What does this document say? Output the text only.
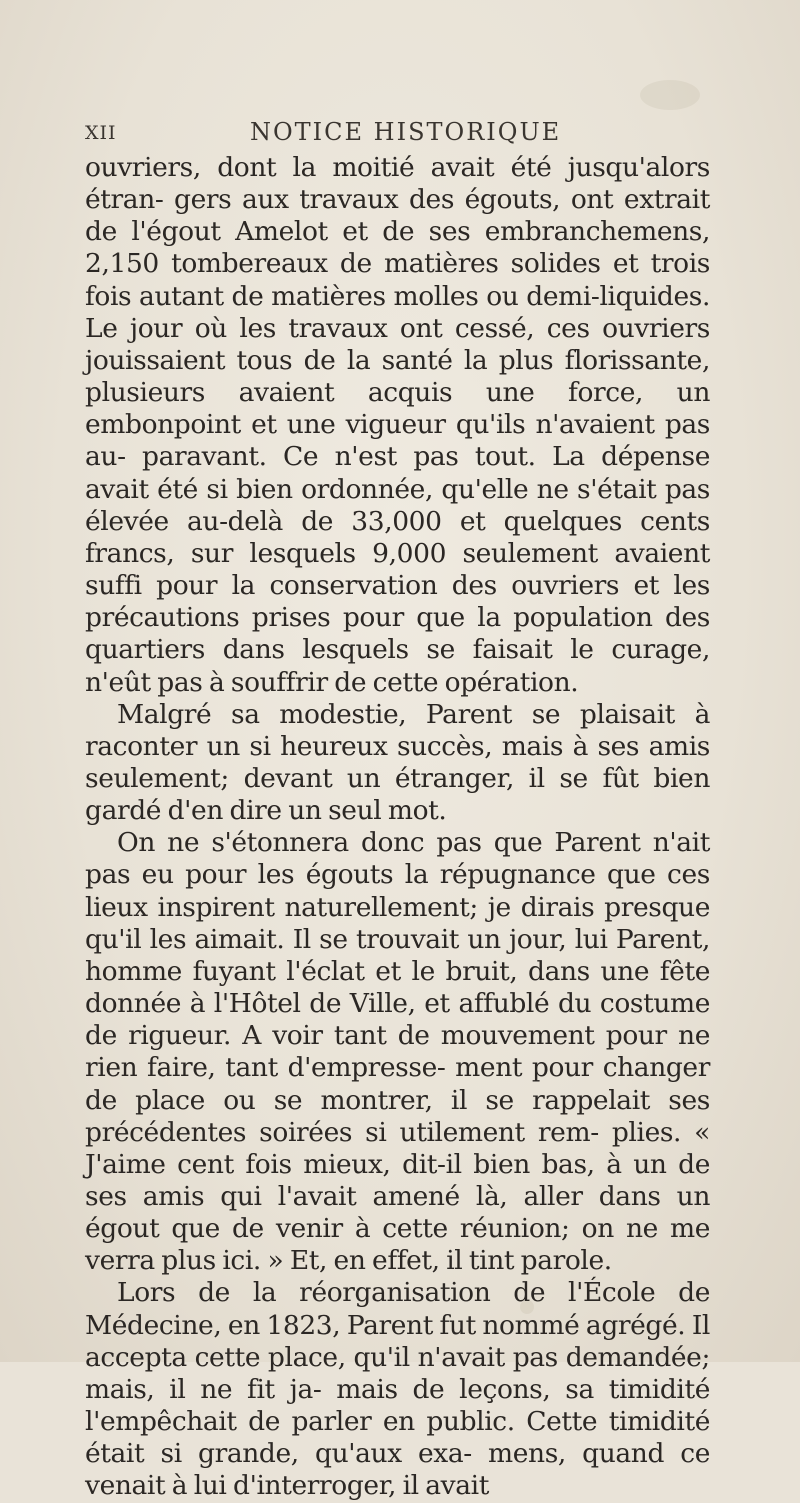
XII	NOTICE HISTORIQUE

ouvriers, dont la moitié avait été jusqu'alors étran- gers aux travaux des égouts, ont extrait de l'égout Amelot et de ses embranchemens, 2,150 tombereaux de matières solides et trois fois autant de matières molles ou demi-liquides. Le jour où les travaux ont cessé, ces ouvriers jouissaient tous de la santé la plus florissante, plusieurs avaient acquis une force, un embonpoint et une vigueur qu'ils n'avaient pas au- paravant. Ce n'est pas tout. La dépense avait été si bien ordonnée, qu'elle ne s'était pas élevée au-delà de 33,000 et quelques cents francs, sur lesquels 9,000 seulement avaient suffi pour la conservation des ouvriers et les précautions prises pour que la population des quartiers dans lesquels se faisait le curage, n'eût pas à souffrir de cette opération.

Malgré sa modestie, Parent se plaisait à raconter un si heureux succès, mais à ses amis seulement; devant un étranger, il se fût bien gardé d'en dire un seul mot.

On ne s'étonnera donc pas que Parent n'ait pas eu pour les égouts la répugnance que ces lieux inspirent naturellement; je dirais presque qu'il les aimait. Il se trouvait un jour, lui Parent, homme fuyant l'éclat et le bruit, dans une fête donnée à l'Hôtel de Ville, et affublé du costume de rigueur. A voir tant de mouvement pour ne rien faire, tant d'empresse- ment pour changer de place ou se montrer, il se rappelait ses précédentes soirées si utilement rem- plies. « J'aime cent fois mieux, dit-il bien bas, à un de ses amis qui l'avait amené là, aller dans un égout que de venir à cette réunion; on ne me verra plus ici. » Et, en effet, il tint parole.

Lors de la réorganisation de l'École de Médecine, en 1823, Parent fut nommé agrégé. Il accepta cette place, qu'il n'avait pas demandée; mais, il ne fit ja- mais de leçons, sa timidité l'empêchait de parler en public. Cette timidité était si grande, qu'aux exa- mens, quand ce venait à lui d'interroger, il avait
